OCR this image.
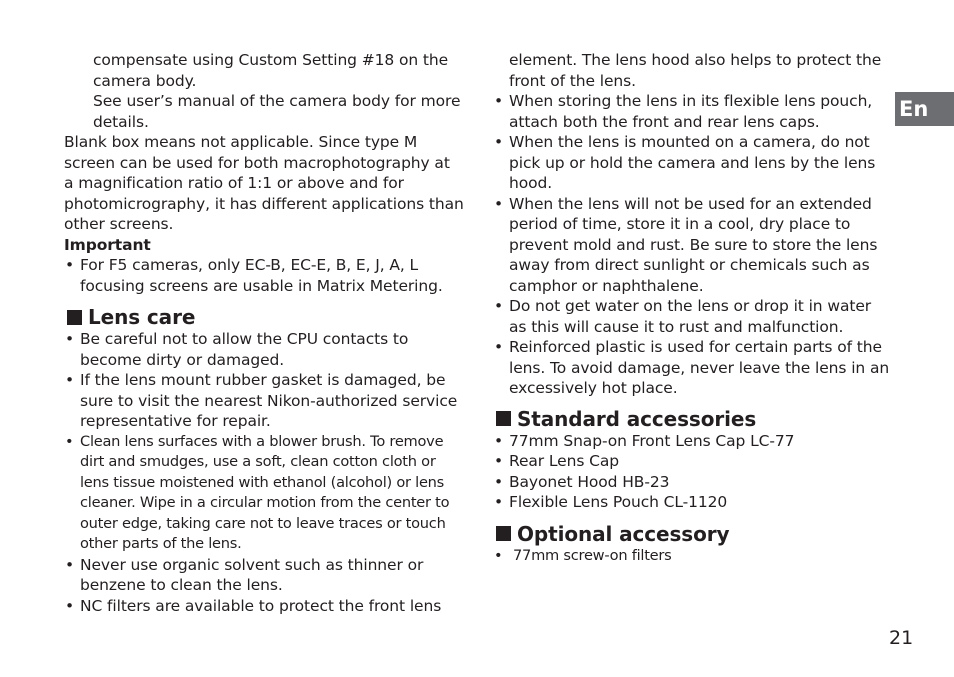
compensate using Custom Setting #18 on the camera body.

See user’s manual of the camera body for more details.

Blank box means not applicable. Since type M screen can be used for both macrophotography at a magnification ratio of 1:1 or above and for photomicrography, it has different applications than other screens.

Important

• For F5 cameras, only EC-B, EC-E, B, E, J, A, L focusing screens are usable in Matrix Metering.
Lens care
• Be careful not to allow the CPU contacts to become dirty or damaged.
• If the lens mount rubber gasket is damaged, be sure to visit the nearest Nikon-authorized service representative for repair.
• Clean lens surfaces with a blower brush. To remove dirt and smudges, use a soft, clean cotton cloth or lens tissue moistened with ethanol (alcohol) or lens cleaner. Wipe in a circular motion from the center to outer edge, taking care not to leave traces or touch other parts of the lens.
• Never use organic solvent such as thinner or benzene to clean the lens.
• NC filters are available to protect the front lens

element. The lens hood also helps to protect the front of the lens.

• When storing the lens in its flexible lens pouch, attach both the front and rear lens caps.
• When the lens is mounted on a camera, do not pick up or hold the camera and lens by the lens hood.
• When the lens will not be used for an extended period of time, store it in a cool, dry place to prevent mold and rust. Be sure to store the lens away from direct sunlight or chemicals such as camphor or naphthalene.
• Do not get water on the lens or drop it in water as this will cause it to rust and malfunction.
• Reinforced plastic is used for certain parts of the lens. To avoid damage, never leave the lens in an excessively hot place.
Standard accessories
• 77mm Snap-on Front Lens Cap LC-77
• Rear Lens Cap
• Bayonet Hood HB-23
• Flexible Lens Pouch CL-1120
Optional accessory
• 77mm screw-on filters
En
21
